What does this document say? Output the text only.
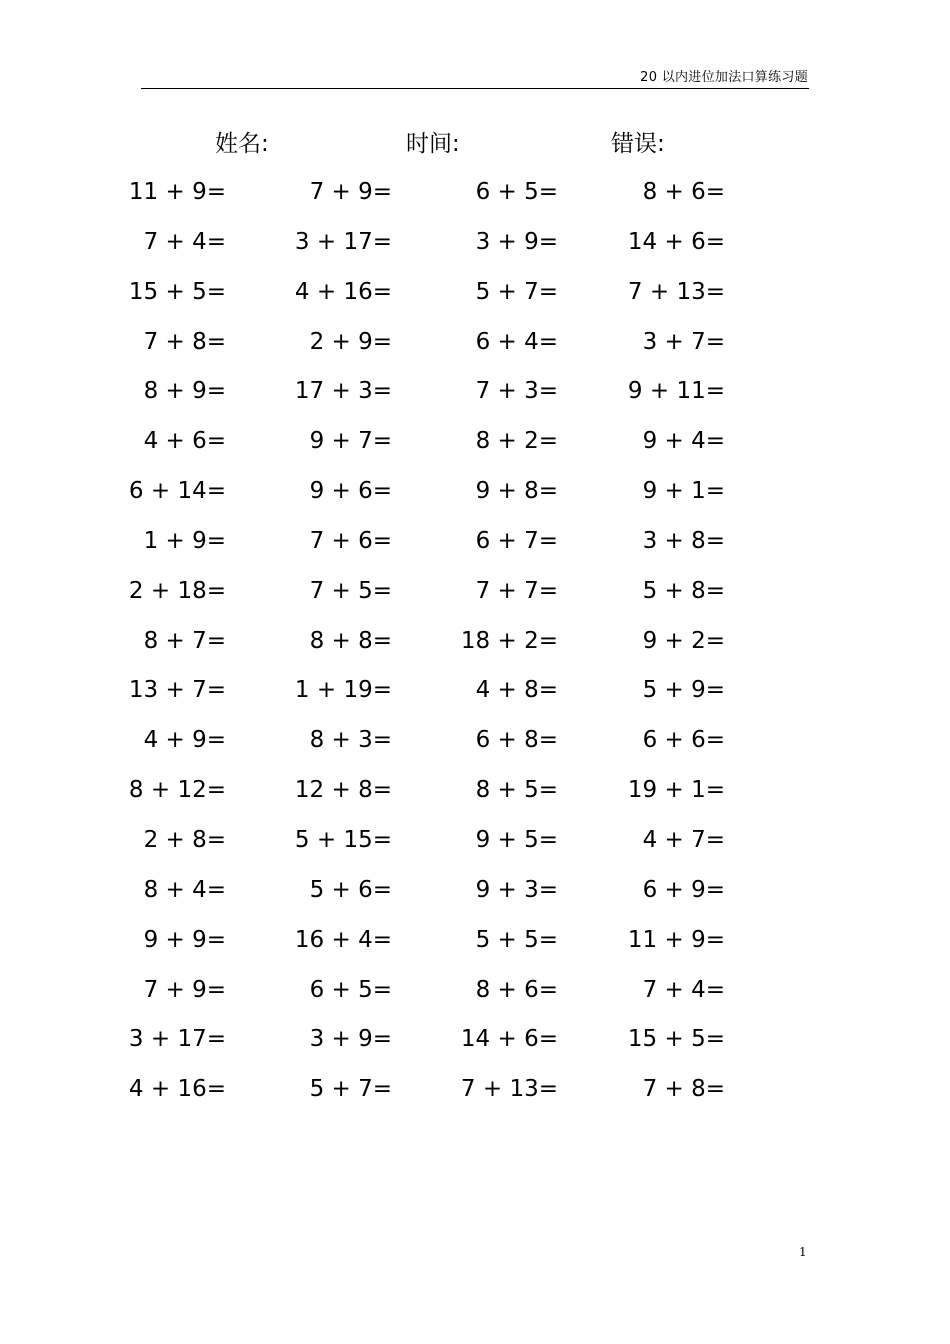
20 以内进位加法口算练习题
姓名:	时间:	错误:
11 + 9=	7 + 9=	6 + 5=	8 + 6=
7 + 4=	3 + 17=	3 + 9=	14 + 6=
15 + 5=	4 + 16=	5 + 7=	7 + 13=
7 + 8=	2 + 9=	6 + 4=	3 + 7=
8 + 9=	17 + 3=	7 + 3=	9 + 11=
4 + 6=	9 + 7=	8 + 2=	9 + 4=
6 + 14=	9 + 6=	9 + 8=	9 + 1=
1 + 9=	7 + 6=	6 + 7=	3 + 8=
2 + 18=	7 + 5=	7 + 7=	5 + 8=
8 + 7=	8 + 8=	18 + 2=	9 + 2=
13 + 7=	1 + 19=	4 + 8=	5 + 9=
4 + 9=	8 + 3=	6 + 8=	6 + 6=
8 + 12=	12 + 8=	8 + 5=	19 + 1=
2 + 8=	5 + 15=	9 + 5=	4 + 7=
8 + 4=	5 + 6=	9 + 3=	6 + 9=
9 + 9=	16 + 4=	5 + 5=	11 + 9=
7 + 9=	6 + 5=	8 + 6=	7 + 4=
3 + 17=	3 + 9=	14 + 6=	15 + 5=
4 + 16=	5 + 7=	7 + 13=	7 + 8=
1
